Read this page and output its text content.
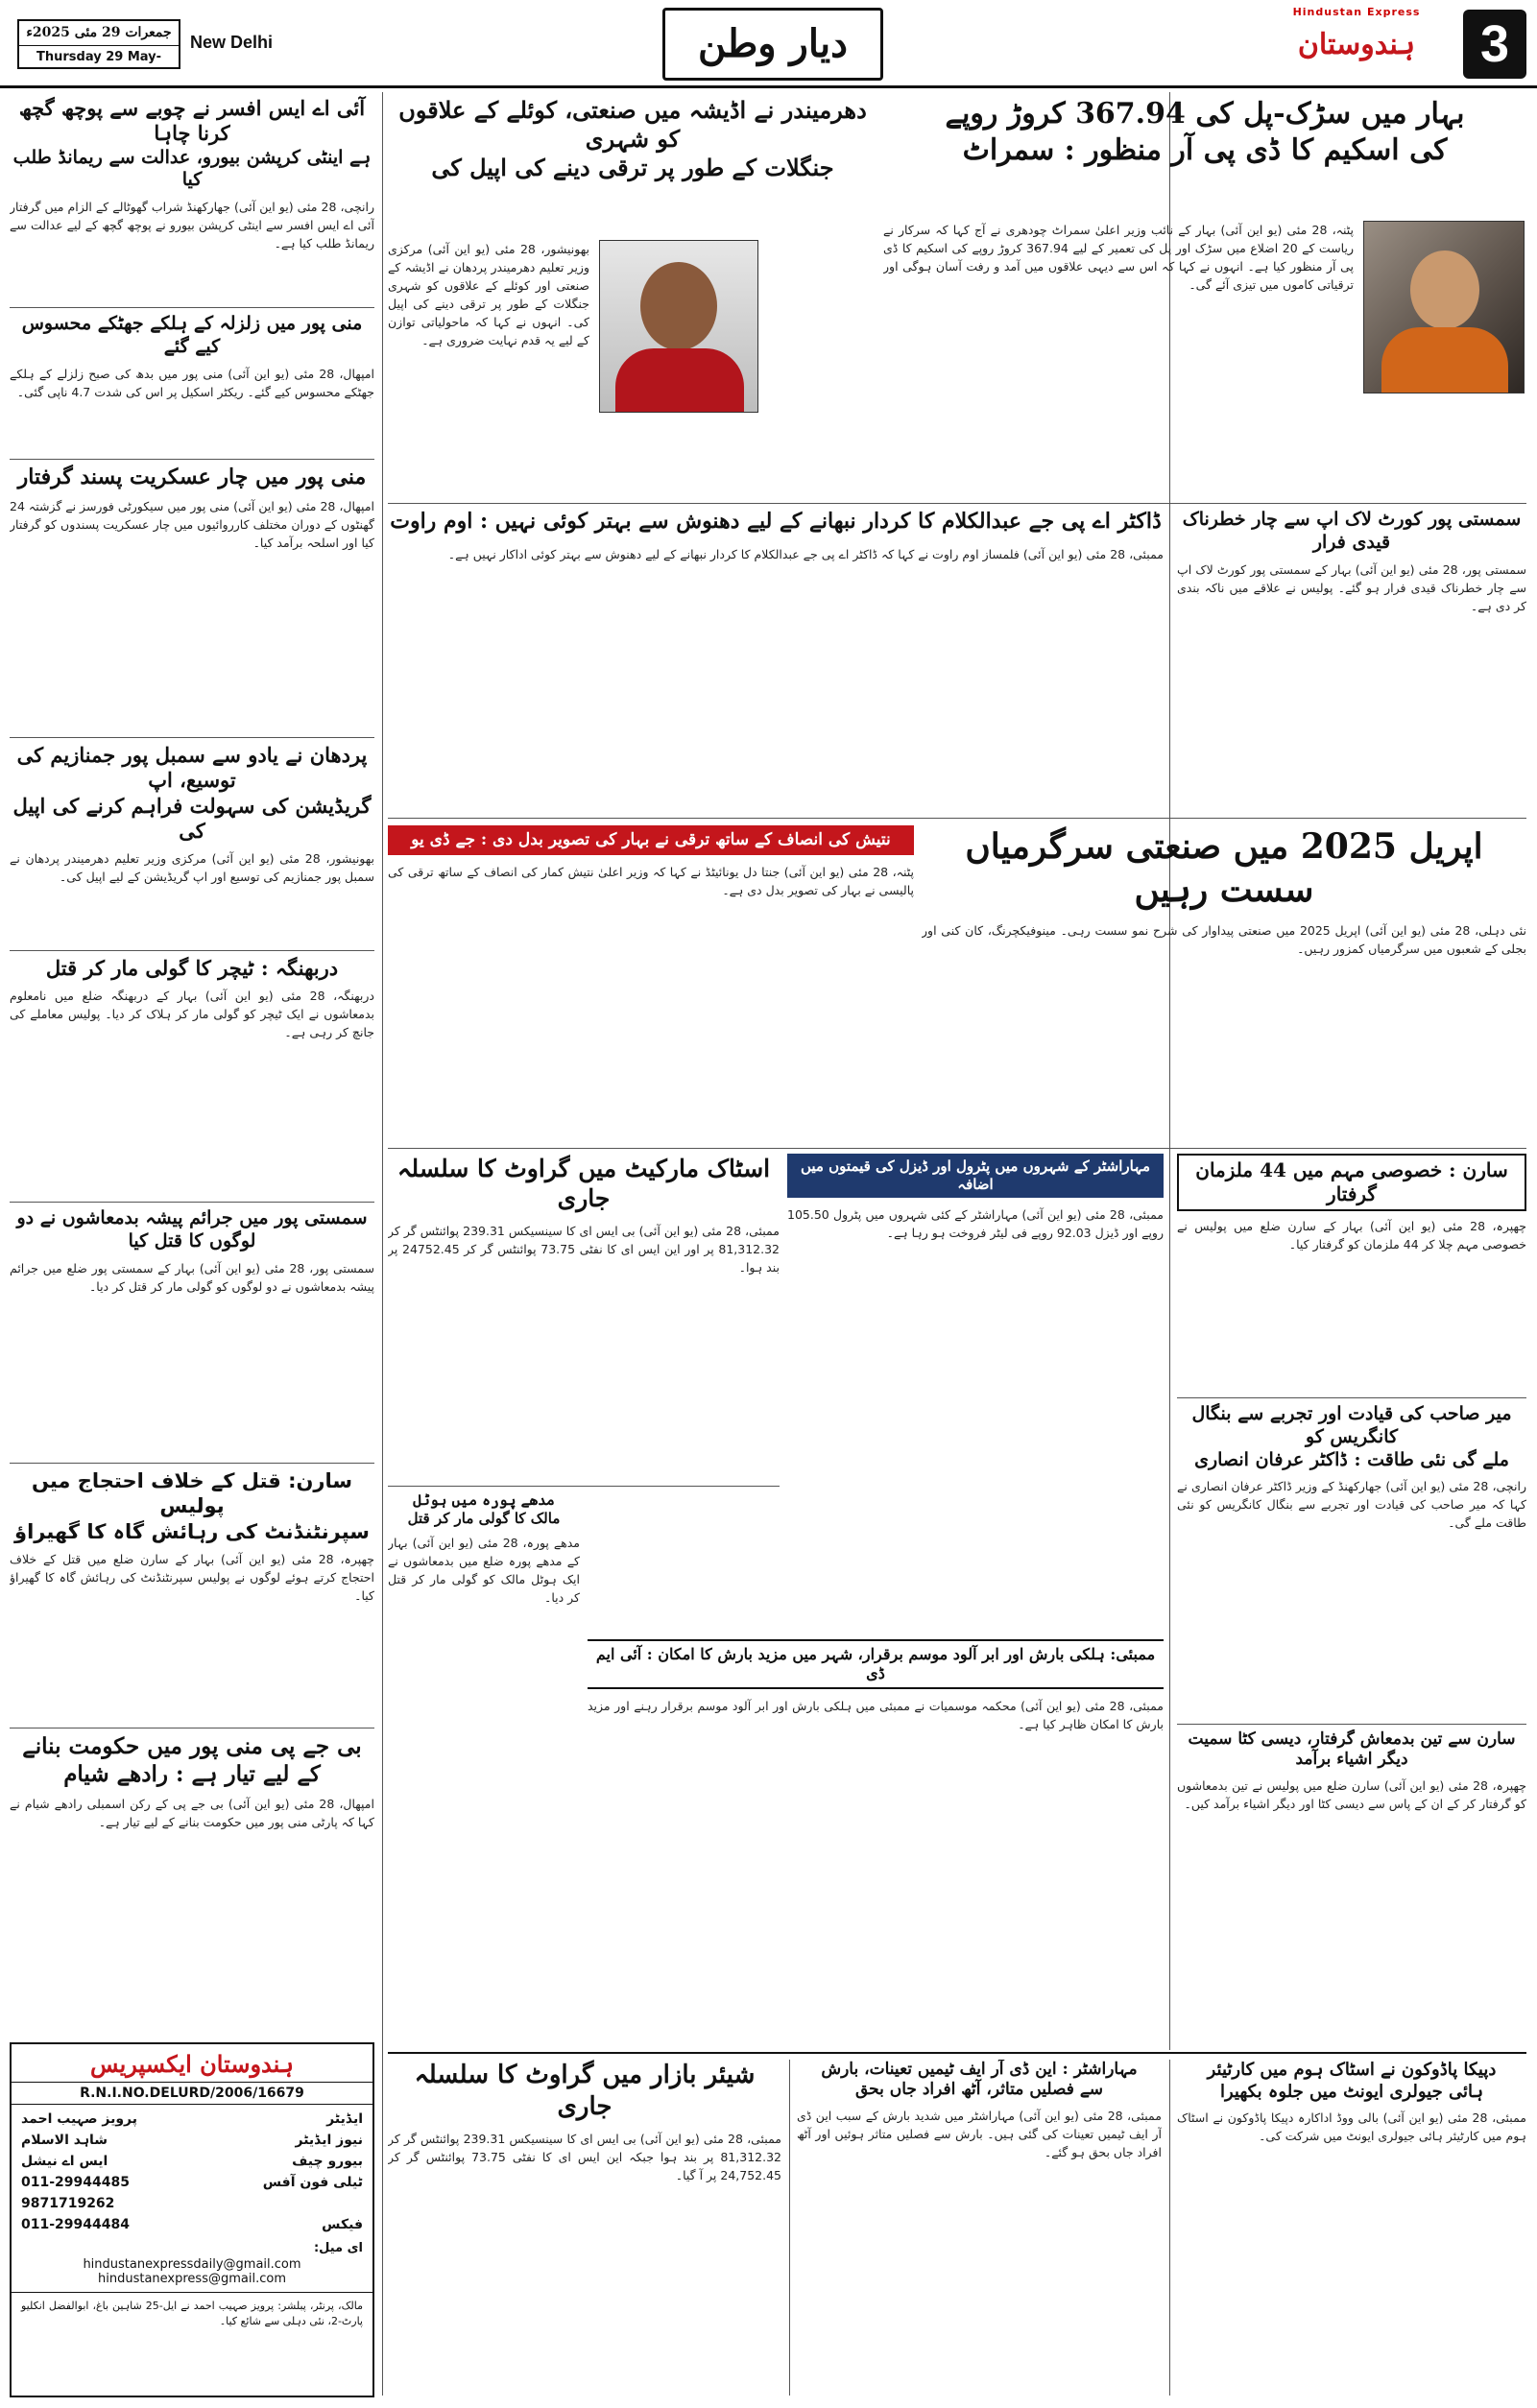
جمعرات 29 مئی 2025ء
Thursday 29 May-
New Delhi	دیار وطن
Hindustan Express
ہندوستان	3
آئی اے ایس افسر نے چوبے سے پوچھ گچھ کرنا چاہا
ہے اینٹی کرپشن بیورو، عدالت سے ریمانڈ طلب کیا
رانچی، 28 مئی (یو این آئی) جھارکھنڈ شراب گھوٹالے کے الزام میں گرفتار آئی اے ایس افسر سے اینٹی کرپشن بیورو نے پوچھ گچھ کے لیے عدالت سے ریمانڈ طلب کیا ہے۔
منی پور میں زلزلہ کے ہلکے جھٹکے محسوس کیے گئے
امپھال، 28 مئی (یو این آئی) منی پور میں بدھ کی صبح زلزلے کے ہلکے جھٹکے محسوس کیے گئے۔ ریکٹر اسکیل پر اس کی شدت 4.7 ناپی گئی۔
منی پور میں چار عسکریت پسند گرفتار
امپھال، 28 مئی (یو این آئی) منی پور میں سیکورٹی فورسز نے گزشتہ 24 گھنٹوں کے دوران مختلف کارروائیوں میں چار عسکریت پسندوں کو گرفتار کیا اور اسلحہ برآمد کیا۔
پردھان نے یادو سے سمبل پور جمنازیم کی توسیع، اپ
گریڈیشن کی سہولت فراہم کرنے کی اپیل کی
بھونیشور، 28 مئی (یو این آئی) مرکزی وزیر تعلیم دھرمیندر پردھان نے سمبل پور جمنازیم کی توسیع اور اپ گریڈیشن کے لیے اپیل کی۔
دربھنگہ : ٹیچر کا گولی مار کر قتل
دربھنگہ، 28 مئی (یو این آئی) بہار کے دربھنگہ ضلع میں نامعلوم بدمعاشوں نے ایک ٹیچر کو گولی مار کر ہلاک کر دیا۔ پولیس معاملے کی جانچ کر رہی ہے۔
سمستی پور میں جرائم پیشہ بدمعاشوں نے دو لوگوں کا قتل کیا
سمستی پور، 28 مئی (یو این آئی) بہار کے سمستی پور ضلع میں جرائم پیشہ بدمعاشوں نے دو لوگوں کو گولی مار کر قتل کر دیا۔
سارن: قتل کے خلاف احتجاج میں پولیس
سپرنٹنڈنٹ کی رہائش گاہ کا گھیراؤ
چھپرہ، 28 مئی (یو این آئی) بہار کے سارن ضلع میں قتل کے خلاف احتجاج کرتے ہوئے لوگوں نے پولیس سپرنٹنڈنٹ کی رہائش گاہ کا گھیراؤ کیا۔
بی جے پی منی پور میں حکومت بنانے
کے لیے تیار ہے : رادھے شیام
امپھال، 28 مئی (یو این آئی) بی جے پی کے رکن اسمبلی رادھے شیام نے کہا کہ پارٹی منی پور میں حکومت بنانے کے لیے تیار ہے۔
ہندوستان ایکسپریس
R.N.I.NO.DELURD/2006/16679
پرویز صہیب احمد	ایڈیٹر
شاہد الاسلام	نیوز ایڈیٹر
ایس اے نیشل	بیورو چیف
011-29944485	ٹیلی فون آفس
9871719262
011-29944484	فیکس
ای میل:
hindustanexpressdaily@gmail.com
hindustanexpress@gmail.com
مالک، پرنٹر، پبلشر: پرویز صہیب احمد نے ایل-25 شاہین باغ، ابوالفضل انکلیو پارٹ-2، نئی دہلی سے شائع کیا۔
بہار میں سڑک-پل کی 367.94 کروڑ روپے
کی اسکیم کا ڈی پی آر منظور : سمراٹ
پٹنہ، 28 مئی (یو این آئی) بہار کے نائب وزیر اعلیٰ سمراٹ چودھری نے آج کہا کہ سرکار نے ریاست کے 20 اضلاع میں سڑک اور پل کی تعمیر کے لیے 367.94 کروڑ روپے کی اسکیم کا ڈی پی آر منظور کیا ہے۔ انہوں نے کہا کہ اس سے دیہی علاقوں میں آمد و رفت آسان ہوگی اور ترقیاتی کاموں میں تیزی آئے گی۔
دھرمیندر نے اڈیشہ میں صنعتی، کوئلے کے علاقوں کو شہری
جنگلات کے طور پر ترقی دینے کی اپیل کی
بھونیشور، 28 مئی (یو این آئی) مرکزی وزیر تعلیم دھرمیندر پردھان نے اڈیشہ کے صنعتی اور کوئلے کے علاقوں کو شہری جنگلات کے طور پر ترقی دینے کی اپیل کی۔ انہوں نے کہا کہ ماحولیاتی توازن کے لیے یہ قدم نہایت ضروری ہے۔
سمستی پور کورٹ لاک اپ سے چار خطرناک قیدی فرار
سمستی پور، 28 مئی (یو این آئی) بہار کے سمستی پور کورٹ لاک اپ سے چار خطرناک قیدی فرار ہو گئے۔ پولیس نے علاقے میں ناکہ بندی کر دی ہے۔
ڈاکٹر اے پی جے عبدالکلام کا کردار نبھانے کے لیے دھنوش سے بہتر کوئی نہیں : اوم راوت
ممبئی، 28 مئی (یو این آئی) فلمساز اوم راوت نے کہا کہ ڈاکٹر اے پی جے عبدالکلام کا کردار نبھانے کے لیے دھنوش سے بہتر کوئی اداکار نہیں ہے۔
اپریل 2025 میں صنعتی سرگرمیاں سست رہیں
نئی دہلی، 28 مئی (یو این آئی) اپریل 2025 میں صنعتی پیداوار کی شرح نمو سست رہی۔ مینوفیکچرنگ، کان کنی اور بجلی کے شعبوں میں سرگرمیاں کمزور رہیں۔
نتیش کی انصاف کے ساتھ ترقی نے بہار کی تصویر بدل دی : جے ڈی یو
پٹنہ، 28 مئی (یو این آئی) جنتا دل یونائیٹڈ نے کہا کہ وزیر اعلیٰ نتیش کمار کی انصاف کے ساتھ ترقی کی پالیسی نے بہار کی تصویر بدل دی ہے۔
سارن : خصوصی مہم میں 44 ملزمان گرفتار
چھپرہ، 28 مئی (یو این آئی) بہار کے سارن ضلع میں پولیس نے خصوصی مہم چلا کر 44 ملزمان کو گرفتار کیا۔
مہاراشٹر کے شہروں میں پٹرول اور ڈیزل کی قیمتوں میں اضافہ
ممبئی، 28 مئی (یو این آئی) مہاراشٹر کے کئی شہروں میں پٹرول 105.50 روپے اور ڈیزل 92.03 روپے فی لیٹر فروخت ہو رہا ہے۔
اسٹاک مارکیٹ میں گراوٹ کا سلسلہ جاری
ممبئی، 28 مئی (یو این آئی) بی ایس ای کا سینسیکس 239.31 پوائنٹس گر کر 81,312.32 پر اور این ایس ای کا نفٹی 73.75 پوائنٹس گر کر 24752.45 پر بند ہوا۔
میر صاحب کی قیادت اور تجربے سے بنگال کانگریس کو
ملے گی نئی طاقت : ڈاکٹر عرفان انصاری
رانچی، 28 مئی (یو این آئی) جھارکھنڈ کے وزیر ڈاکٹر عرفان انصاری نے کہا کہ میر صاحب کی قیادت اور تجربے سے بنگال کانگریس کو نئی طاقت ملے گی۔
مدھے پورہ میں ہوٹل
مالک کا گولی مار کر قتل
مدھے پورہ، 28 مئی (یو این آئی) بہار کے مدھے پورہ ضلع میں بدمعاشوں نے ایک ہوٹل مالک کو گولی مار کر قتل کر دیا۔
ممبئی: ہلکی بارش اور ابر آلود موسم برقرار، شہر میں مزید بارش کا امکان : آئی ایم ڈی
ممبئی، 28 مئی (یو این آئی) محکمہ موسمیات نے ممبئی میں ہلکی بارش اور ابر آلود موسم برقرار رہنے اور مزید بارش کا امکان ظاہر کیا ہے۔
سارن سے تین بدمعاش گرفتار، دیسی کٹا سمیت دیگر اشیاء برآمد
چھپرہ، 28 مئی (یو این آئی) سارن ضلع میں پولیس نے تین بدمعاشوں کو گرفتار کر کے ان کے پاس سے دیسی کٹا اور دیگر اشیاء برآمد کیں۔
دپیکا پاڈوکون نے اسٹاک ہوم میں کارٹیئر
ہائی جیولری ایونٹ میں جلوہ بکھیرا
ممبئی، 28 مئی (یو این آئی) بالی ووڈ اداکارہ دپیکا پاڈوکون نے اسٹاک ہوم میں کارٹیئر ہائی جیولری ایونٹ میں شرکت کی۔
مہاراشٹر : این ڈی آر ایف ٹیمیں تعینات، بارش
سے فصلیں متاثر، آٹھ افراد جاں بحق
ممبئی، 28 مئی (یو این آئی) مہاراشٹر میں شدید بارش کے سبب این ڈی آر ایف ٹیمیں تعینات کی گئی ہیں۔ بارش سے فصلیں متاثر ہوئیں اور آٹھ افراد جاں بحق ہو گئے۔
شیئر بازار میں گراوٹ کا سلسلہ جاری
ممبئی، 28 مئی (یو این آئی) بی ایس ای کا سینسیکس 239.31 پوائنٹس گر کر 81,312.32 پر بند ہوا جبکہ این ایس ای کا نفٹی 73.75 پوائنٹس گر کر 24,752.45 پر آ گیا۔
